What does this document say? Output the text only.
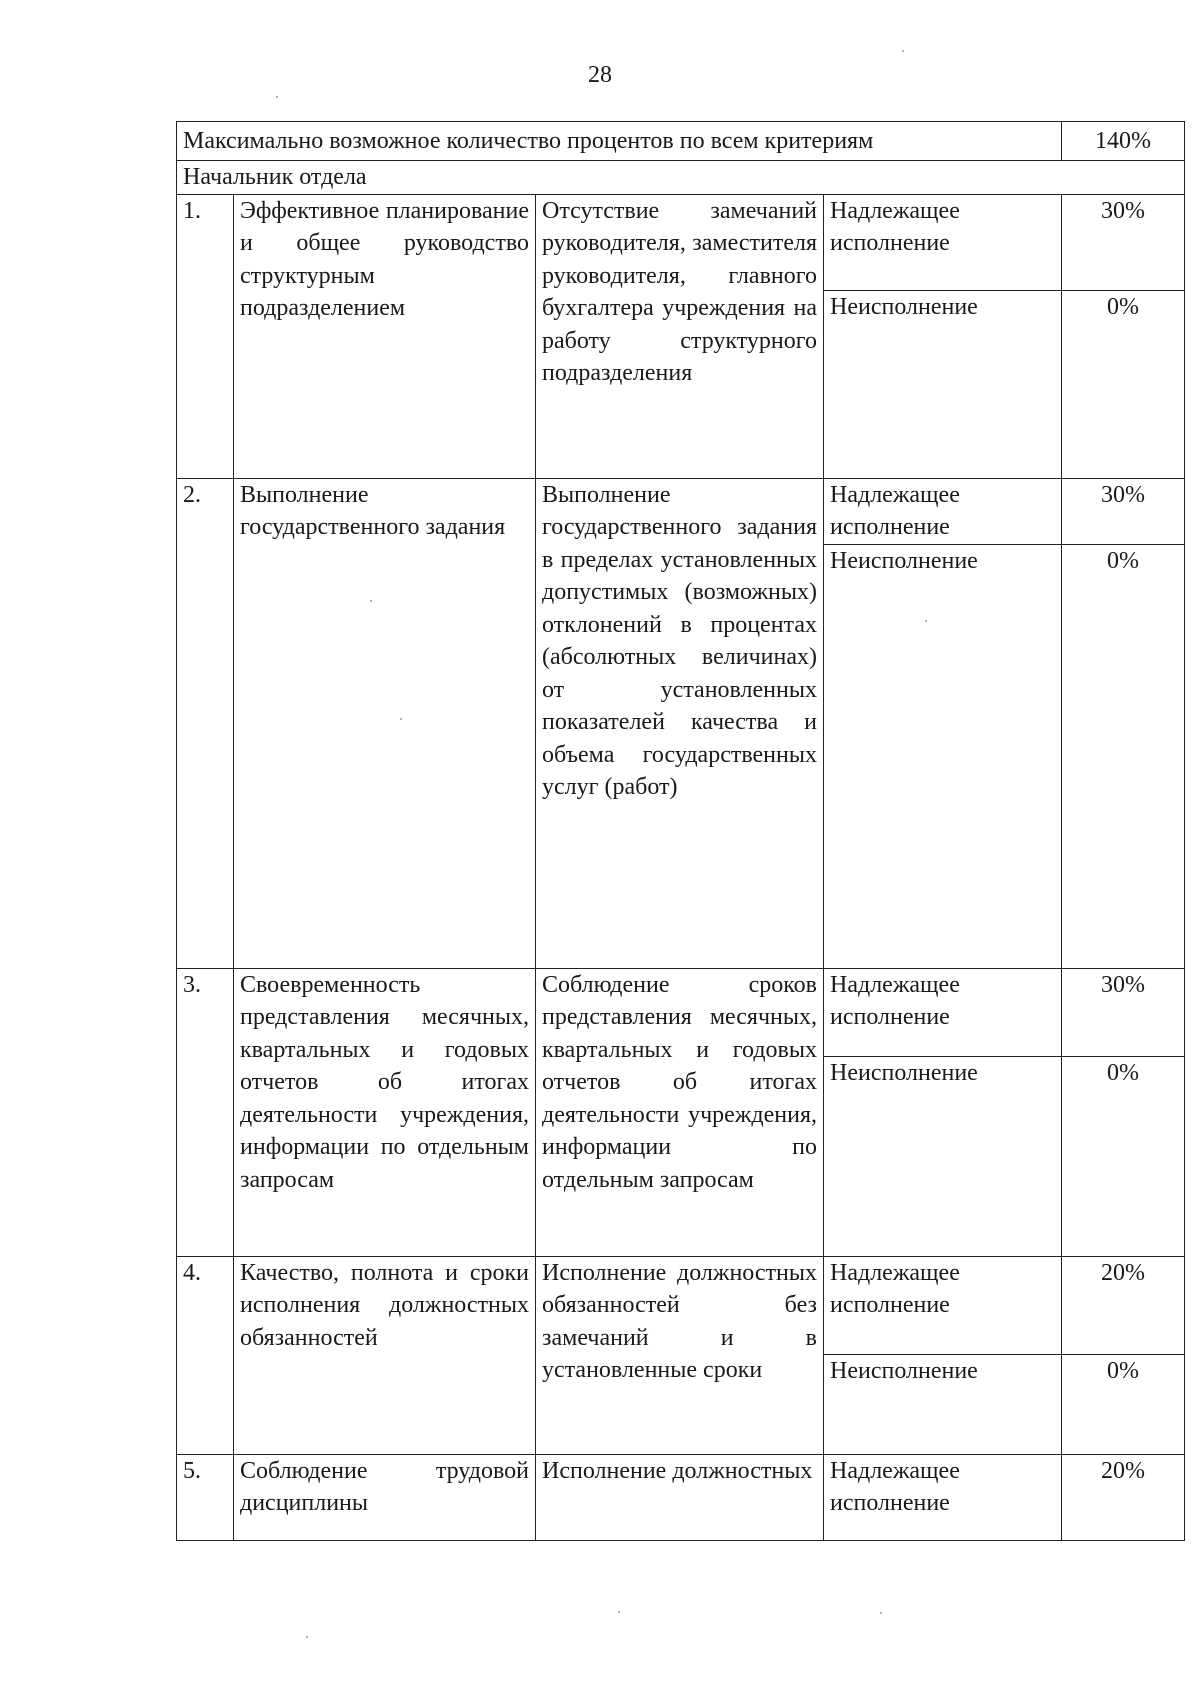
28
Максимально возможное количество процентов по всем критериям				140%
Начальник отдела				
1.	Эффективное планирование и общее руководство структурным подразделением	Отсутствие замечаний руководителя, заместителя руководителя, главного бухгалтера учреждения на работу структурного подразделения	Надлежащее исполнение	30%
			Неисполнение	0%
2.	Выполнение государственного задания	Выполнение государственного задания в пределах установленных допустимых (возможных) отклонений в процентах (абсолютных величинах) от установленных показателей качества и объема государственных услуг (работ)	Надлежащее исполнение	30%
			Неисполнение	0%
3.	Своевременность представления месячных, квартальных и годовых отчетов об итогах деятельности учреждения, информации по отдельным запросам	Соблюдение сроков представления месячных, квартальных и годовых отчетов об итогах деятельности учреждения, информации по отдельным запросам	Надлежащее исполнение	30%
			Неисполнение	0%
4.	Качество, полнота и сроки исполнения должностных обязанностей	Исполнение должностных обязанностей без замечаний и в установленные сроки	Надлежащее исполнение	20%
			Неисполнение	0%
5.	Соблюдение трудовой дисциплины	Исполнение должностных	Надлежащее исполнение	20%
